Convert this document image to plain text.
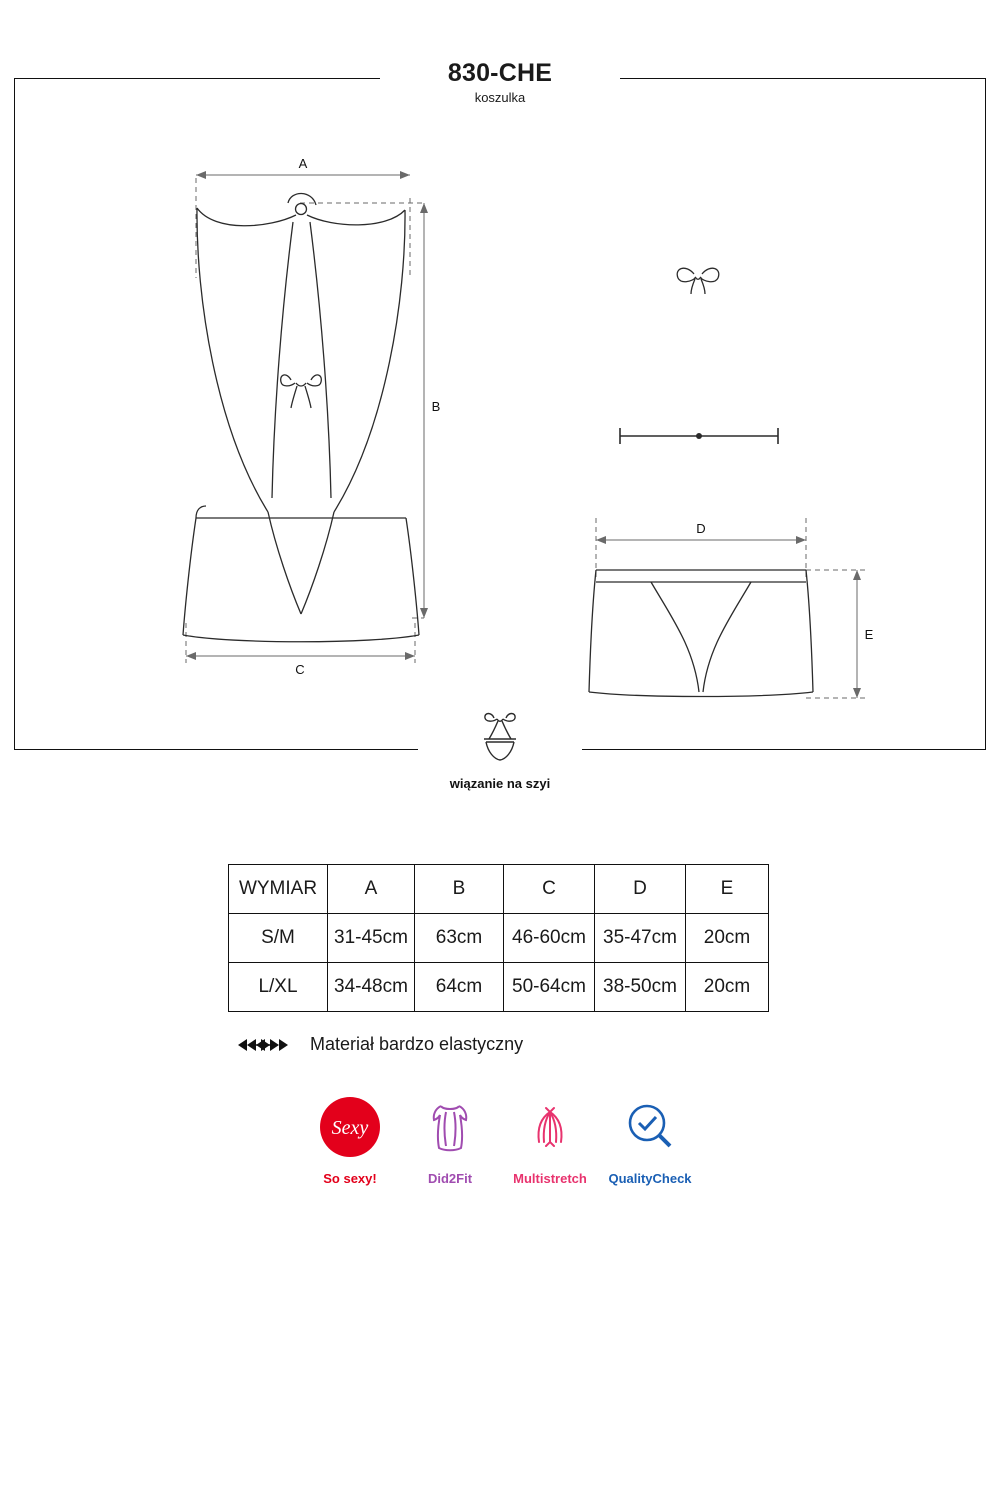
830-CHE
koszulka
A
B
C
D
E
wiązanie na szyi
WYMIAR	A	B	C	D	E
S/M	31-45cm	63cm	46-60cm	35-47cm	20cm
L/XL	34-48cm	64cm	50-64cm	38-50cm	20cm
Materiał bardzo elastyczny
Sexy
So sexy!	Did2Fit	Multistretch	QualityCheck
